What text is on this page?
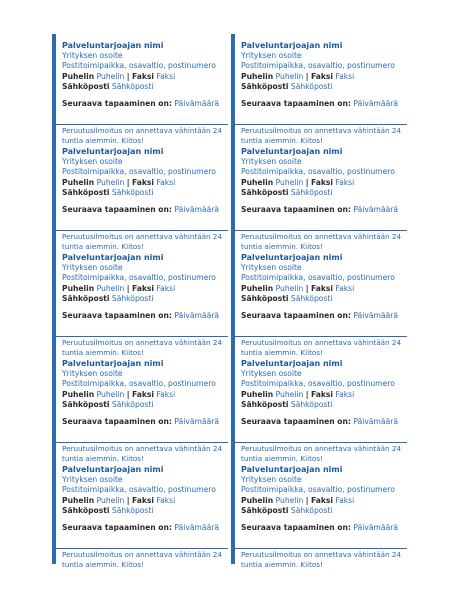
Palveluntarjoajan nimi
Yrityksen osoite
Postitoimipaikka, osavaltio, postinumero
Puhelin Puhelin | Faksi Faksi
Sähköposti Sähköposti
Seuraava tapaaminen on: Päivämäärä
Peruutusilmoitus on annettava vähintään 24 tuntia aiemmin. Kiitos!
Palveluntarjoajan nimi
Yrityksen osoite
Postitoimipaikka, osavaltio, postinumero
Puhelin Puhelin | Faksi Faksi
Sähköposti Sähköposti
Seuraava tapaaminen on: Päivämäärä
Peruutusilmoitus on annettava vähintään 24 tuntia aiemmin. Kiitos!
Palveluntarjoajan nimi
Yrityksen osoite
Postitoimipaikka, osavaltio, postinumero
Puhelin Puhelin | Faksi Faksi
Sähköposti Sähköposti
Seuraava tapaaminen on: Päivämäärä
Peruutusilmoitus on annettava vähintään 24 tuntia aiemmin. Kiitos!
Palveluntarjoajan nimi
Yrityksen osoite
Postitoimipaikka, osavaltio, postinumero
Puhelin Puhelin | Faksi Faksi
Sähköposti Sähköposti
Seuraava tapaaminen on: Päivämäärä
Peruutusilmoitus on annettava vähintään 24 tuntia aiemmin. Kiitos!
Palveluntarjoajan nimi
Yrityksen osoite
Postitoimipaikka, osavaltio, postinumero
Puhelin Puhelin | Faksi Faksi
Sähköposti Sähköposti
Seuraava tapaaminen on: Päivämäärä
Peruutusilmoitus on annettava vähintään 24 tuntia aiemmin. Kiitos!
Palveluntarjoajan nimi
Yrityksen osoite
Postitoimipaikka, osavaltio, postinumero
Puhelin Puhelin | Faksi Faksi
Sähköposti Sähköposti
Seuraava tapaaminen on: Päivämäärä
Peruutusilmoitus on annettava vähintään 24 tuntia aiemmin. Kiitos!
Palveluntarjoajan nimi
Yrityksen osoite
Postitoimipaikka, osavaltio, postinumero
Puhelin Puhelin | Faksi Faksi
Sähköposti Sähköposti
Seuraava tapaaminen on: Päivämäärä
Peruutusilmoitus on annettava vähintään 24 tuntia aiemmin. Kiitos!
Palveluntarjoajan nimi
Yrityksen osoite
Postitoimipaikka, osavaltio, postinumero
Puhelin Puhelin | Faksi Faksi
Sähköposti Sähköposti
Seuraava tapaaminen on: Päivämäärä
Peruutusilmoitus on annettava vähintään 24 tuntia aiemmin. Kiitos!
Palveluntarjoajan nimi
Yrityksen osoite
Postitoimipaikka, osavaltio, postinumero
Puhelin Puhelin | Faksi Faksi
Sähköposti Sähköposti
Seuraava tapaaminen on: Päivämäärä
Peruutusilmoitus on annettava vähintään 24 tuntia aiemmin. Kiitos!
Palveluntarjoajan nimi
Yrityksen osoite
Postitoimipaikka, osavaltio, postinumero
Puhelin Puhelin | Faksi Faksi
Sähköposti Sähköposti
Seuraava tapaaminen on: Päivämäärä
Peruutusilmoitus on annettava vähintään 24 tuntia aiemmin. Kiitos!
